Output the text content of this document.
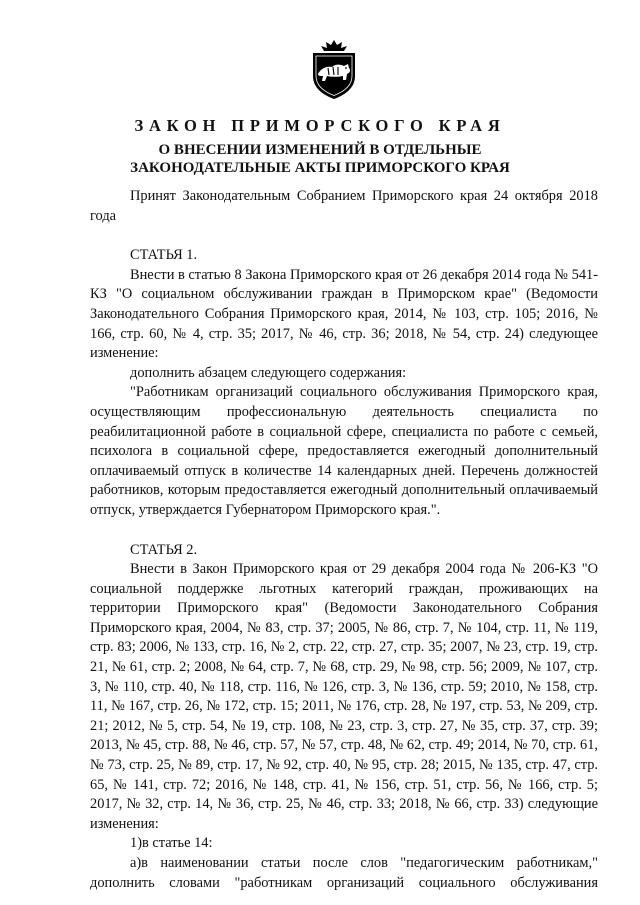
ЗАКОН ПРИМОРСКОГО КРАЯ
О ВНЕСЕНИИ ИЗМЕНЕНИЙ В ОТДЕЛЬНЫЕ
ЗАКОНОДАТЕЛЬНЫЕ АКТЫ ПРИМОРСКОГО КРАЯ

Принят Законодательным Собранием Приморского края 24 октября 2018 года

СТАТЬЯ 1.

Внести в статью 8 Закона Приморского края от 26 декабря 2014 года № 541-КЗ "О социальном обслуживании граждан в Приморском крае" (Ведомости Законодательного Собрания Приморского края, 2014, № 103, стр. 105; 2016, № 166, стр. 60, № 4, стр. 35; 2017, № 46, стр. 36; 2018, № 54, стр. 24) следующее изменение:

дополнить абзацем следующего содержания:

"Работникам организаций социального обслуживания Приморского края, осуществляющим профессиональную деятельность специалиста по реабилитационной работе в социальной сфере, специалиста по работе с семьей, психолога в социальной сфере, предоставляется ежегодный дополнительный оплачиваемый отпуск в количестве 14 календарных дней. Перечень должностей работников, которым предоставляется ежегодный дополнительный оплачиваемый отпуск, утверждается Губернатором Приморского края.".

СТАТЬЯ 2.

Внести в Закон Приморского края от 29 декабря 2004 года № 206-КЗ "О социальной поддержке льготных категорий граждан, проживающих на территории Приморского края" (Ведомости Законодательного Собрания Приморского края, 2004, № 83, стр. 37; 2005, № 86, стр. 7, № 104, стр. 11, № 119, стр. 83; 2006, № 133, стр. 16, № 2, стр. 22, стр. 27, стр. 35; 2007, № 23, стр. 19, стр. 21, № 61, стр. 2; 2008, № 64, стр. 7, № 68, стр. 29, № 98, стр. 56; 2009, № 107, стр. 3, № 110, стр. 40, № 118, стр. 116, № 126, стр. 3, № 136, стр. 59; 2010, № 158, стр. 11, № 167, стр. 26, № 172, стр. 15; 2011, № 176, стр. 28, № 197, стр. 53, № 209, стр. 21; 2012, № 5, стр. 54, № 19, стр. 108, № 23, стр. 3, стр. 27, № 35, стр. 37, стр. 39; 2013, № 45, стр. 88, № 46, стр. 57, № 57, стр. 48, № 62, стр. 49; 2014, № 70, стр. 61, № 73, стр. 25, № 89, стр. 17, № 92, стр. 40, № 95, стр. 28; 2015, № 135, стр. 47, стр. 65, № 141, стр. 72; 2016, № 148, стр. 41, № 156, стр. 51, стр. 56, № 166, стр. 5; 2017, № 32, стр. 14, № 36, стр. 25, № 46, стр. 33; 2018, № 66, стр. 33) следующие изменения:

1)в статье 14:

а)в наименовании статьи после слов "педагогическим работникам," дополнить словами "работникам организаций социального обслуживания
